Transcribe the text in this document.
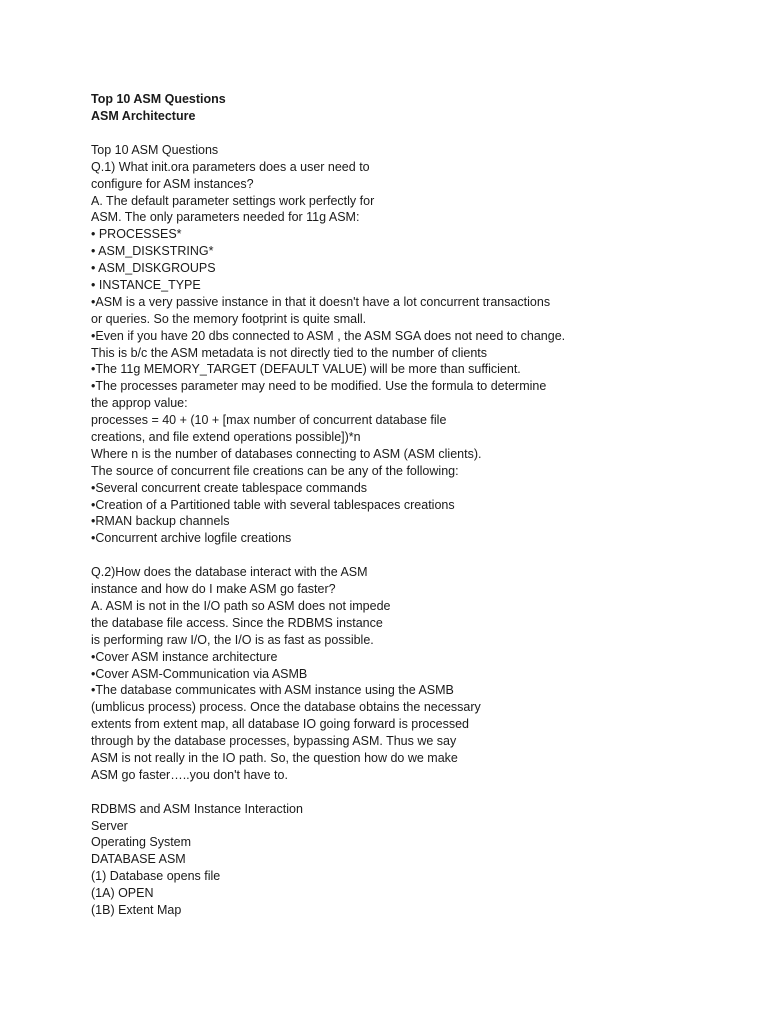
Top 10 ASM Questions
ASM Architecture
Top 10 ASM Questions
Q.1) What init.ora parameters does a user need to
configure for ASM instances?
A. The default parameter settings work perfectly for
ASM. The only parameters needed for 11g ASM:
• PROCESSES*
• ASM_DISKSTRING*
• ASM_DISKGROUPS
• INSTANCE_TYPE
•ASM is a very passive instance in that it doesn't have a lot concurrent transactions
or queries. So the memory footprint is quite small.
•Even if you have 20 dbs connected to ASM , the ASM SGA does not need to change.
This is b/c the ASM metadata is not directly tied to the number of clients
•The 11g MEMORY_TARGET (DEFAULT VALUE) will be more than sufficient.
•The processes parameter may need to be modified. Use the formula to determine
the approp value:
processes = 40 + (10 + [max number of concurrent database file
creations, and file extend operations possible])*n
Where n is the number of databases connecting to ASM (ASM clients).
The source of concurrent file creations can be any of the following:
•Several concurrent create tablespace commands
•Creation of a Partitioned table with several tablespaces creations
•RMAN backup channels
•Concurrent archive logfile creations
Q.2)How does the database interact with the ASM
instance and how do I make ASM go faster?
A. ASM is not in the I/O path so ASM does not impede
the database file access. Since the RDBMS instance
is performing raw I/O, the I/O is as fast as possible.
•Cover ASM instance architecture
•Cover ASM-Communication via ASMB
•The database communicates with ASM instance using the ASMB
(umblicus process) process. Once the database obtains the necessary
extents from extent map, all database IO going forward is processed
through by the database processes, bypassing ASM. Thus we say
ASM is not really in the IO path. So, the question how do we make
ASM go faster…..you don't have to.
RDBMS and ASM Instance Interaction
Server
Operating System
DATABASE ASM
(1) Database opens file
(1A) OPEN
(1B) Extent Map
